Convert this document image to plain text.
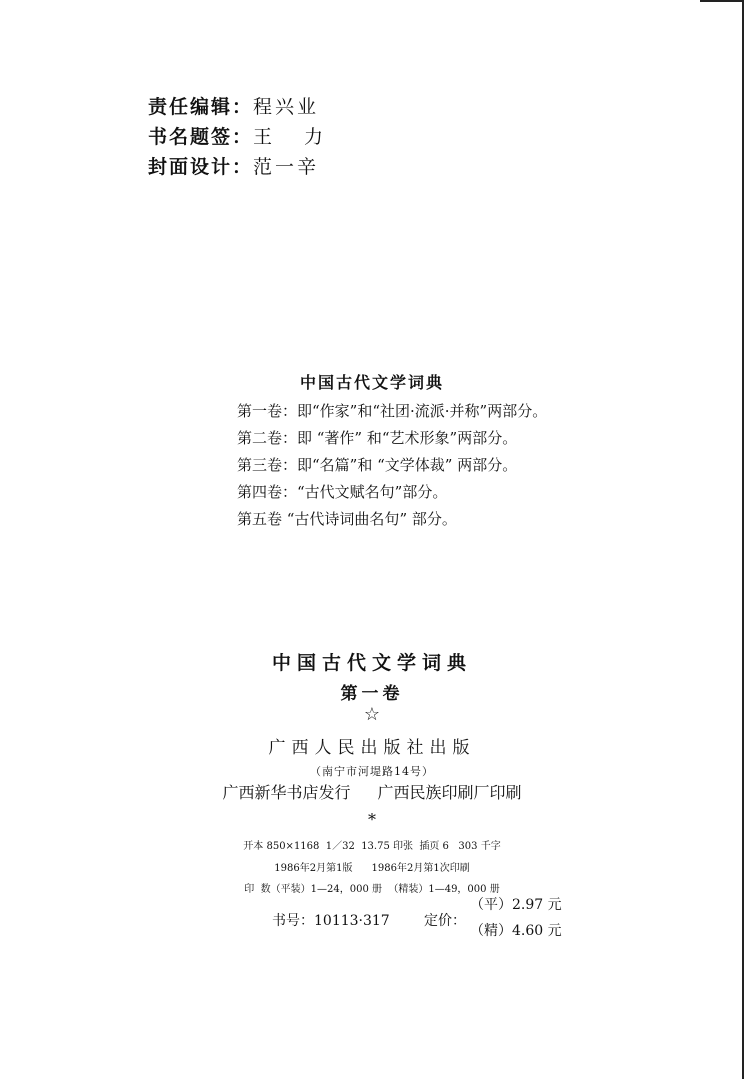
责任编辑：程兴业
书名题签：王力
封面设计：范一辛
中国古代文学词典
第一卷：即“作家”和“社团·流派·并称”两部分。
第二卷：即 “著作” 和“艺术形象”两部分。
第三卷：即“名篇”和 “文学体裁” 两部分。
第四卷：“古代文赋名句”部分。
第五卷 “古代诗词曲名句” 部分。
中国古代文学词典
第一卷
☆
广西人民出版社出版
（南宁市河堤路14号）
广西新华书店发行 广西民族印刷厂印刷
*
开本 850×1168  1／32  13.75 印张  插页 6   303 千字
1986年2月第1版      1986年2月第1次印刷
印  数（平装）1—24，000 册  （精装）1—49，000 册
书号：10113·317 定价：
（平）2.97 元
（精）4.60 元
